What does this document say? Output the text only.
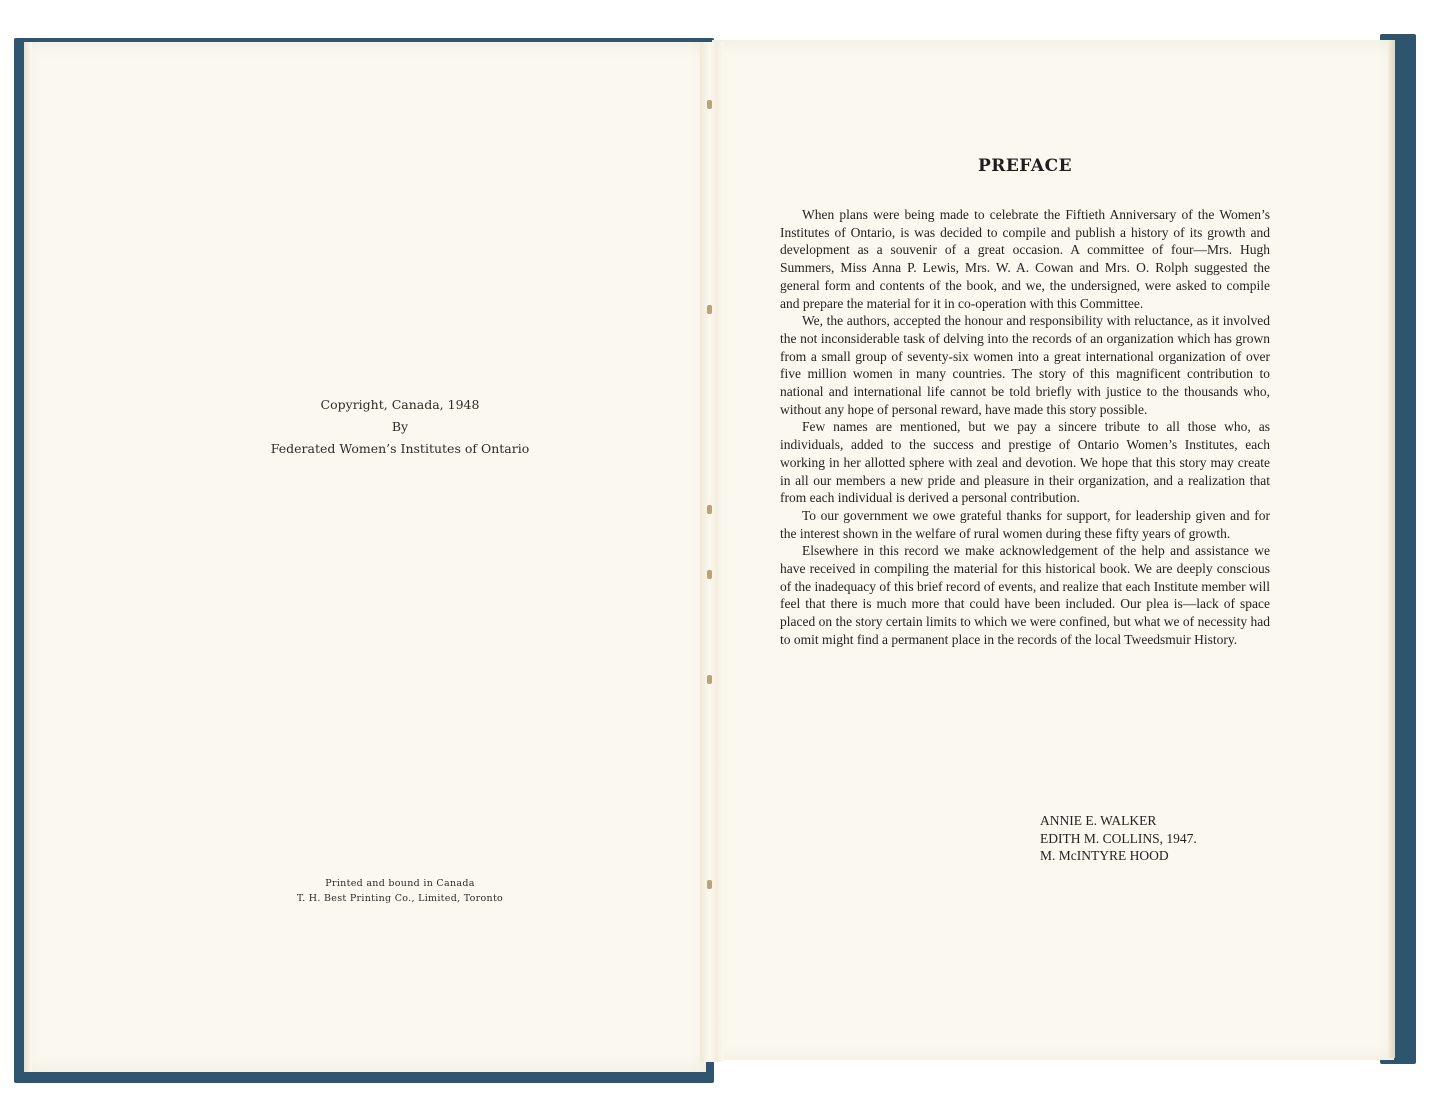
Copyright, Canada, 1948
By
Federated Women’s Institutes of Ontario
Printed and bound in Canada
T. H. Best Printing Co., Limited, Toronto
PREFACE

When plans were being made to celebrate the Fiftieth Anniversary of the Women’s Institutes of Ontario, is was decided to compile and publish a history of its growth and development as a souvenir of a great occasion. A committee of four—Mrs. Hugh Summers, Miss Anna P. Lewis, Mrs. W. A. Cowan and Mrs. O. Rolph suggested the general form and contents of the book, and we, the undersigned, were asked to compile and prepare the material for it in co-operation with this Committee.

We, the authors, accepted the honour and responsibility with reluctance, as it involved the not inconsiderable task of delving into the records of an organization which has grown from a small group of seventy-six women into a great international organization of over five million women in many countries. The story of this magnificent contribution to national and international life cannot be told briefly with justice to the thousands who, without any hope of personal reward, have made this story possible.

Few names are mentioned, but we pay a sincere tribute to all those who, as individuals, added to the success and prestige of Ontario Women’s Institutes, each working in her allotted sphere with zeal and devotion. We hope that this story may create in all our members a new pride and pleasure in their organization, and a realization that from each individual is derived a personal contribution.

To our government we owe grateful thanks for support, for leadership given and for the interest shown in the welfare of rural women during these fifty years of growth.

Elsewhere in this record we make acknowledgement of the help and assistance we have received in compiling the material for this historical book. We are deeply conscious of the inadequacy of this brief record of events, and realize that each Institute member will feel that there is much more that could have been included. Our plea is—lack of space placed on the story certain limits to which we were confined, but what we of necessity had to omit might find a permanent place in the records of the local Tweedsmuir History.

ANNIE E. WALKER
EDITH M. COLLINS, 1947.
M. McINTYRE HOOD
